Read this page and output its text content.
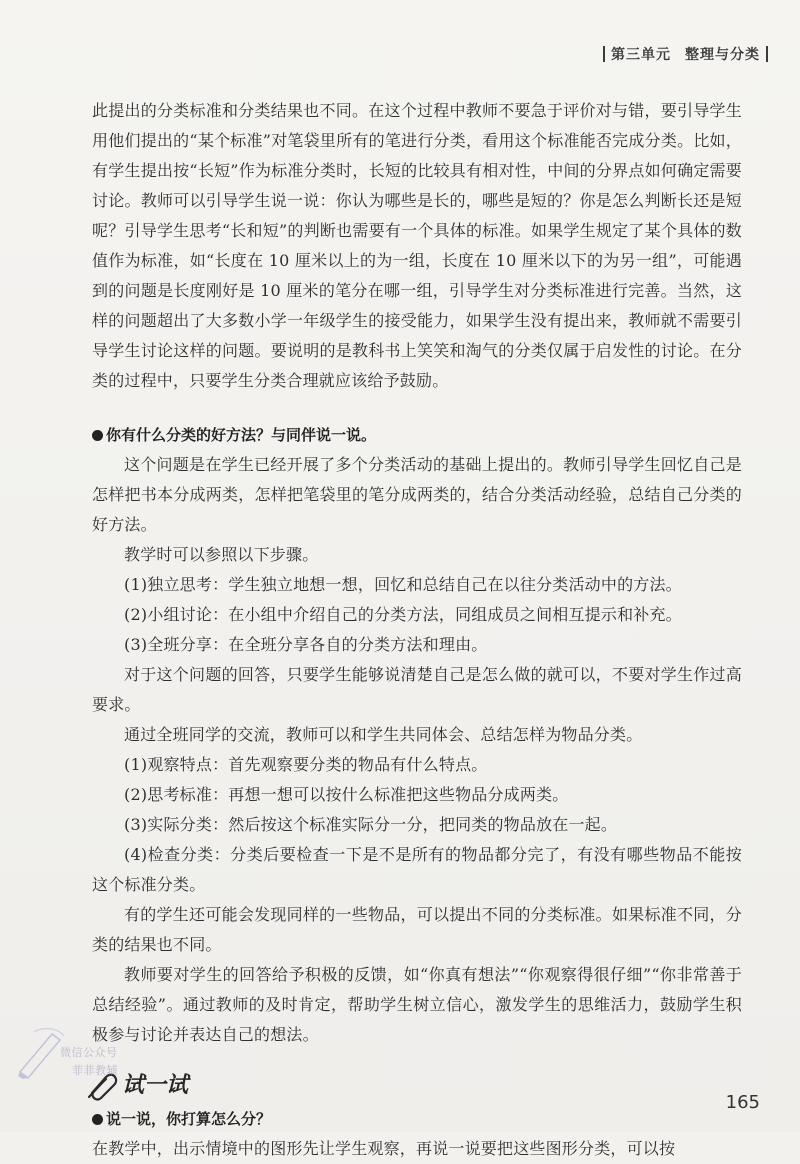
第三单元 整理与分类

此提出的分类标准和分类结果也不同。在这个过程中教师不要急于评价对与错，要引导学生用他们提出的“某个标准”对笔袋里所有的笔进行分类，看用这个标准能否完成分类。比如，有学生提出按“长短”作为标准分类时，长短的比较具有相对性，中间的分界点如何确定需要讨论。教师可以引导学生说一说：你认为哪些是长的，哪些是短的？你是怎么判断长还是短呢？引导学生思考“长和短”的判断也需要有一个具体的标准。如果学生规定了某个具体的数值作为标准，如“长度在 10 厘米以上的为一组，长度在 10 厘米以下的为另一组”，可能遇到的问题是长度刚好是 10 厘米的笔分在哪一组，引导学生对分类标准进行完善。当然，这样的问题超出了大多数小学一年级学生的接受能力，如果学生没有提出来，教师就不需要引导学生讨论这样的问题。要说明的是教科书上笑笑和淘气的分类仅属于启发性的讨论。在分类的过程中，只要学生分类合理就应该给予鼓励。

你有什么分类的好方法？与同伴说一说。

这个问题是在学生已经开展了多个分类活动的基础上提出的。教师引导学生回忆自己是怎样把书本分成两类，怎样把笔袋里的笔分成两类的，结合分类活动经验，总结自己分类的好方法。

教学时可以参照以下步骤。

(1)独立思考：学生独立地想一想，回忆和总结自己在以往分类活动中的方法。

(2)小组讨论：在小组中介绍自己的分类方法，同组成员之间相互提示和补充。

(3)全班分享：在全班分享各自的分类方法和理由。

对于这个问题的回答，只要学生能够说清楚自己是怎么做的就可以，不要对学生作过高要求。

通过全班同学的交流，教师可以和学生共同体会、总结怎样为物品分类。

(1)观察特点：首先观察要分类的物品有什么特点。

(2)思考标准：再想一想可以按什么标准把这些物品分成两类。

(3)实际分类：然后按这个标准实际分一分，把同类的物品放在一起。

(4)检查分类：分类后要检查一下是不是所有的物品都分完了，有没有哪些物品不能按这个标准分类。

有的学生还可能会发现同样的一些物品，可以提出不同的分类标准。如果标准不同，分类的结果也不同。

教师要对学生的回答给予积极的反馈，如“你真有想法”“你观察得很仔细”“你非常善于总结经验”。通过教师的及时肯定，帮助学生树立信心，激发学生的思维活力，鼓励学生积极参与讨论并表达自己的想法。

试一试

说一说，你打算怎么分？

在教学中，出示情境中的图形先让学生观察，再说一说要把这些图形分类，可以按

微信公众号
菲菲教辅
165
